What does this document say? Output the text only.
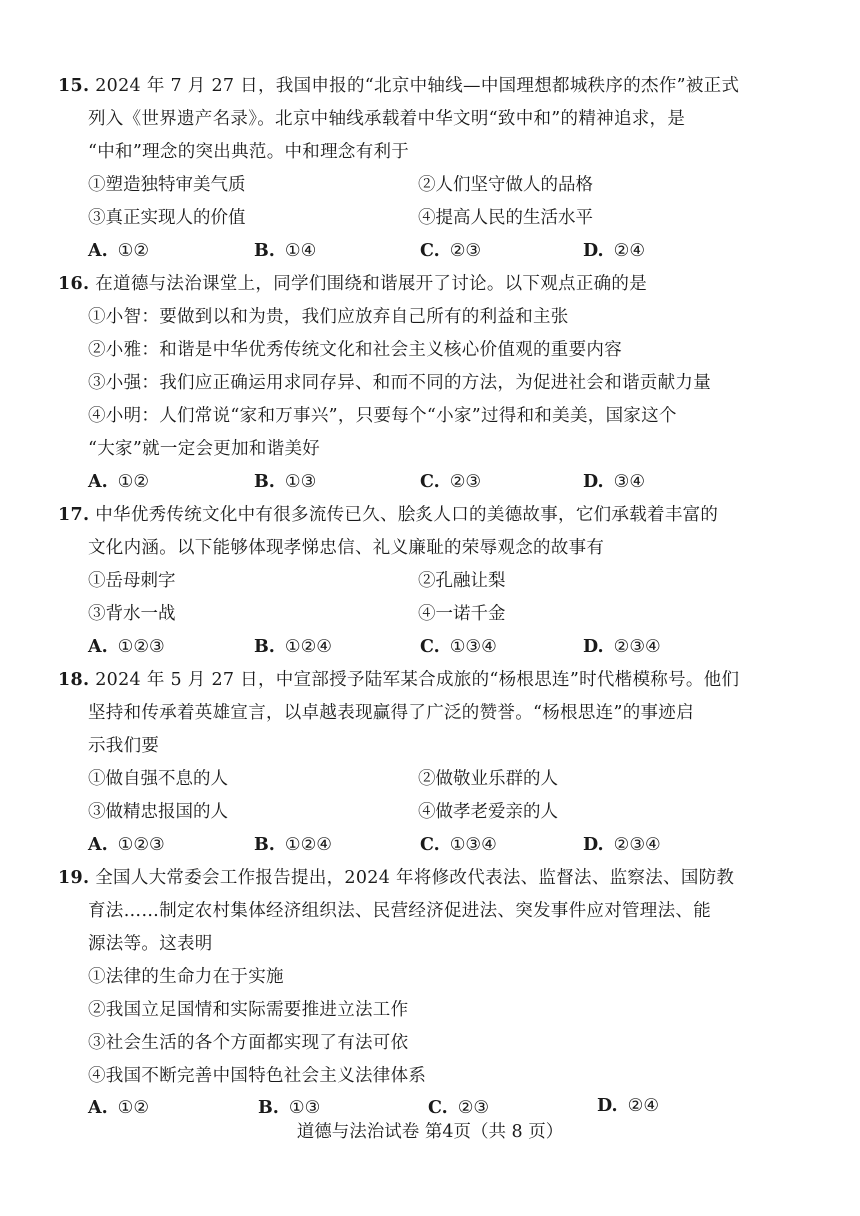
15. 2024 年 7 月 27 日，我国申报的“北京中轴线—中国理想都城秩序的杰作”被正式
列入《世界遗产名录》。北京中轴线承载着中华文明“致中和”的精神追求，是
“中和”理念的突出典范。中和理念有利于
①塑造独特审美气质	②人们坚守做人的品格
③真正实现人的价值	④提高人民的生活水平
A. ①②	B. ①④	C. ②③	D. ②④
16. 在道德与法治课堂上，同学们围绕和谐展开了讨论。以下观点正确的是
①小智：要做到以和为贵，我们应放弃自己所有的利益和主张
②小雅：和谐是中华优秀传统文化和社会主义核心价值观的重要内容
③小强：我们应正确运用求同存异、和而不同的方法，为促进社会和谐贡献力量
④小明：人们常说“家和万事兴”，只要每个“小家”过得和和美美，国家这个
“大家”就一定会更加和谐美好
A. ①②	B. ①③	C. ②③	D. ③④
17. 中华优秀传统文化中有很多流传已久、脍炙人口的美德故事，它们承载着丰富的
文化内涵。以下能够体现孝悌忠信、礼义廉耻的荣辱观念的故事有
①岳母刺字	②孔融让梨
③背水一战	④一诺千金
A. ①②③	B. ①②④	C. ①③④	D. ②③④
18. 2024 年 5 月 27 日，中宣部授予陆军某合成旅的“杨根思连”时代楷模称号。他们
坚持和传承着英雄宣言，以卓越表现赢得了广泛的赞誉。“杨根思连”的事迹启
示我们要
①做自强不息的人	②做敬业乐群的人
③做精忠报国的人	④做孝老爱亲的人
A. ①②③	B. ①②④	C. ①③④	D. ②③④
19. 全国人大常委会工作报告提出，2024 年将修改代表法、监督法、监察法、国防教
育法……制定农村集体经济组织法、民营经济促进法、突发事件应对管理法、能
源法等。这表明
①法律的生命力在于实施
②我国立足国情和实际需要推进立法工作
③社会生活的各个方面都实现了有法可依
④我国不断完善中国特色社会主义法律体系
A. ①②	B. ①③	C. ②③	D. ②④
道德与法治试卷 第4页（共 8 页）
